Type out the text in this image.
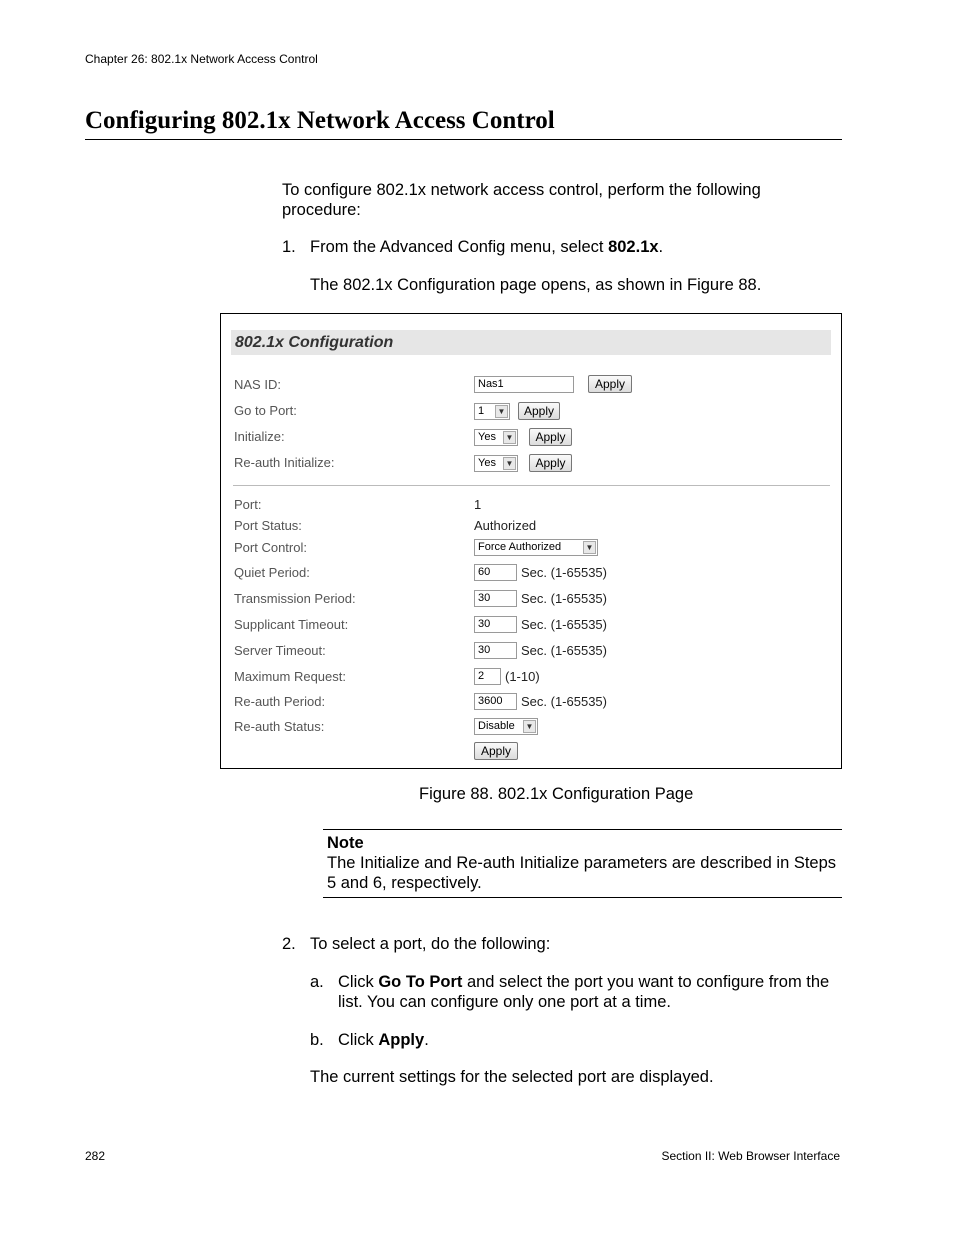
Chapter 26: 802.1x Network Access Control
Configuring 802.1x Network Access Control
To configure 802.1x network access control, perform the following procedure:
1. From the Advanced Config menu, select 802.1x.
The 802.1x Configuration page opens, as shown in Figure 88.
802.1x Configuration
NAS ID:	Nas1	Apply
Go to Port:	1	▼	Apply
Initialize:	Yes	▼	Apply
Re-auth Initialize:	Yes	▼	Apply
Port:	1
Port Status:	Authorized
Port Control:	Force Authorized	▼
Quiet Period:	60	Sec. (1-65535)
Transmission Period:	30	Sec. (1-65535)
Supplicant Timeout:	30	Sec. (1-65535)
Server Timeout:	30	Sec. (1-65535)
Maximum Request:	2	(1-10)
Re-auth Period:	3600	Sec. (1-65535)
Re-auth Status:	Disable	▼
Apply
Figure 88. 802.1x Configuration Page
Note
The Initialize and Re-auth Initialize parameters are described in Steps 5 and 6, respectively.
2. To select a port, do the following:
a. Click Go To Port and select the port you want to configure from the list. You can configure only one port at a time.
b. Click Apply.
The current settings for the selected port are displayed.
282	Section II: Web Browser Interface
